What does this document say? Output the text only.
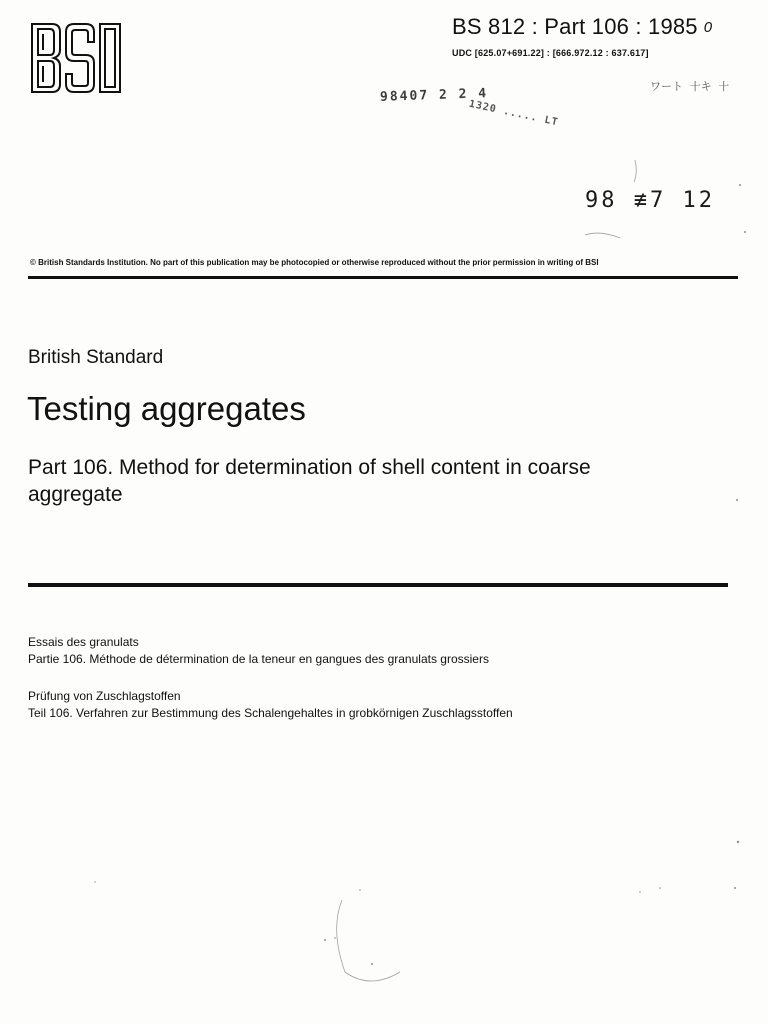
BS 812 : Part 106 : 1985 0
UDC [625.07+691.22] : [666.972.12 : 637.617]
98407 2 2 4
1320 ..... LT
98 ≢7 12
ワート 十キ 十
© British Standards Institution. No part of this publication may be photocopied or otherwise reproduced without the prior permission in writing of BSI
British Standard
Testing aggregates
Part 106. Method for determination of shell content in coarse aggregate
Essais des granulats
Partie 106. Méthode de détermination de la teneur en gangues des granulats grossiers
Prüfung von Zuschlagstoffen
Teil 106. Verfahren zur Bestimmung des Schalengehaltes in grobkörnigen Zuschlagsstoffen
